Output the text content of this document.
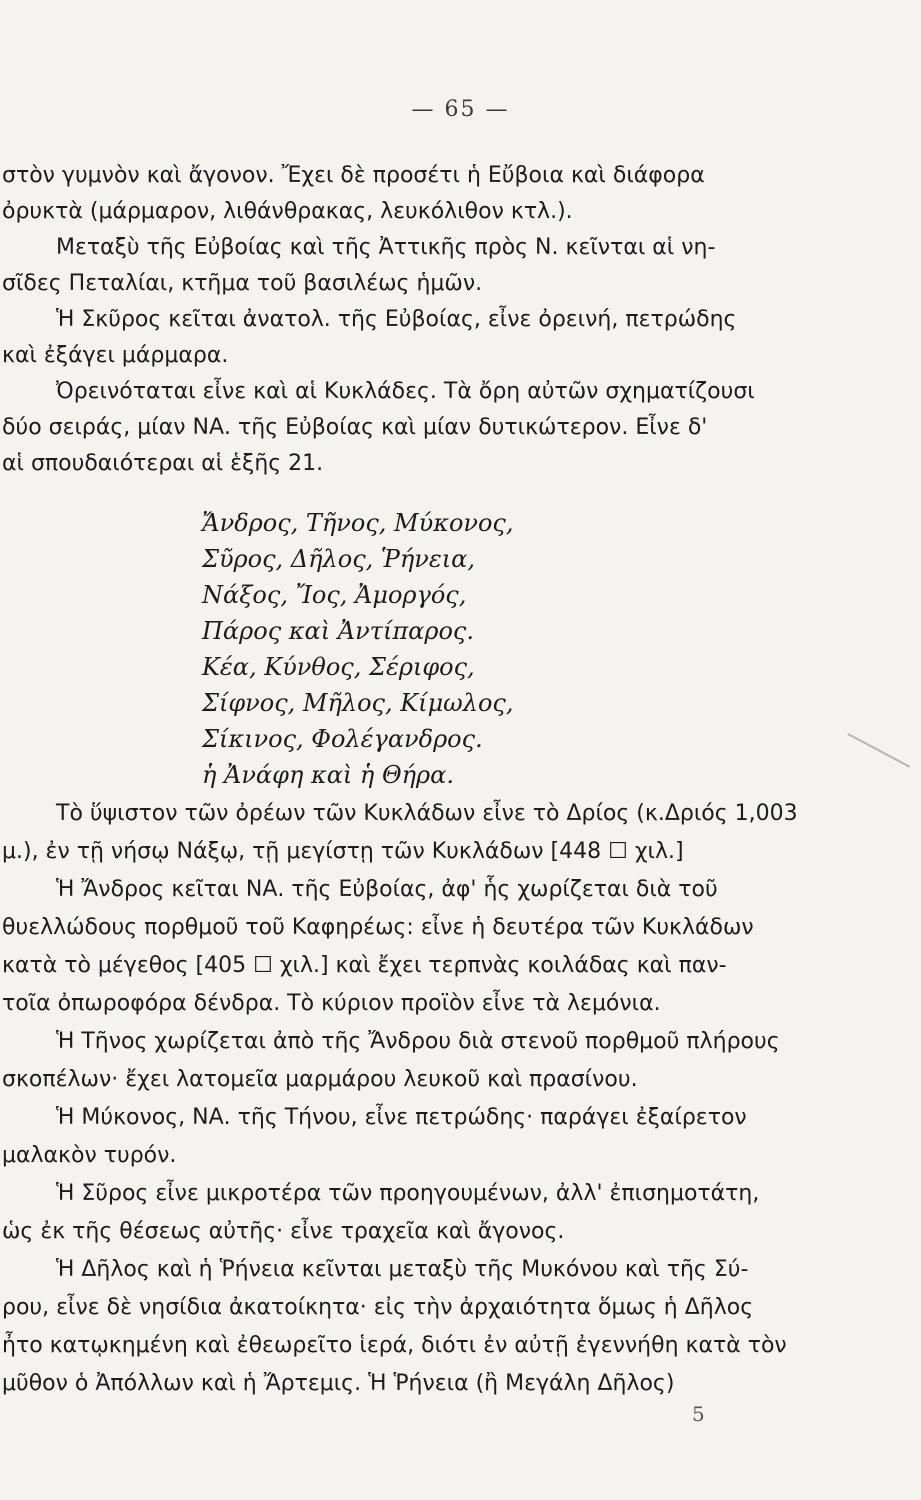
— 65 —
στὸν γυμνὸν καὶ ἄγονον. Ἔχει δὲ προσέτι ἡ Εὔβοια καὶ διάφορα
ὀρυκτὰ (μάρμαρον, λιθάνθρακας, λευκόλιθον κτλ.).
Μεταξὺ τῆς Εὐβοίας καὶ τῆς Ἀττικῆς πρὸς Ν. κεῖνται αἱ νη-
σῖδες Πεταλίαι, κτῆμα τοῦ βασιλέως ἡμῶν.
Ἡ Σκῦρος κεῖται ἀνατολ. τῆς Εὐβοίας, εἶνε ὀρεινή, πετρώδης
καὶ ἐξάγει μάρμαρα.
Ὀρεινόταται εἶνε καὶ αἱ Κυκλάδες. Τὰ ὄρη αὐτῶν σχηματίζουσι
δύο σειράς, μίαν ΝΑ. τῆς Εὐβοίας καὶ μίαν δυτικώτερον. Εἶνε δ'
αἱ σπουδαιότεραι αἱ ἑξῆς 21.
Ἄνδρος, Τῆνος, Μύκονος,
Σῦρος, Δῆλος, Ῥήνεια,
Νάξος, Ἴος, Ἀμοργός,
Πάρος καὶ Ἀντίπαρος.
Κέα, Κύνθος, Σέριφος,
Σίφνος, Μῆλος, Κίμωλος,
Σίκινος, Φολέγανδρος.
ἡ Ἀνάφη καὶ ἡ Θήρα.
Τὸ ὕψιστον τῶν ὀρέων τῶν Κυκλάδων εἶνε τὸ Δρίος (κ.Δριός 1,003
μ.), ἐν τῇ νήσῳ Νάξῳ, τῇ μεγίστῃ τῶν Κυκλάδων [448 ☐ χιλ.]
Ἡ Ἄνδρος κεῖται ΝΑ. τῆς Εὐβοίας, ἀφ' ἧς χωρίζεται διὰ τοῦ
θυελλώδους πορθμοῦ τοῦ Καφηρέως: εἶνε ἡ δευτέρα τῶν Κυκλάδων
κατὰ τὸ μέγεθος [405 ☐ χιλ.] καὶ ἔχει τερπνὰς κοιλάδας καὶ παν-
τοῖα ὀπωροφόρα δένδρα. Τὸ κύριον προϊὸν εἶνε τὰ λεμόνια.
Ἡ Τῆνος χωρίζεται ἀπὸ τῆς Ἄνδρου διὰ στενοῦ πορθμοῦ πλήρους
σκοπέλων· ἔχει λατομεῖα μαρμάρου λευκοῦ καὶ πρασίνου.
Ἡ Μύκονος, ΝΑ. τῆς Τήνου, εἶνε πετρώδης· παράγει ἐξαίρετον
μαλακὸν τυρόν.
Ἡ Σῦρος εἶνε μικροτέρα τῶν προηγουμένων, ἀλλ' ἐπισημοτάτη,
ὡς ἐκ τῆς θέσεως αὐτῆς· εἶνε τραχεῖα καὶ ἄγονος.
Ἡ Δῆλος καὶ ἡ Ῥήνεια κεῖνται μεταξὺ τῆς Μυκόνου καὶ τῆς Σύ-
ρου, εἶνε δὲ νησίδια ἀκατοίκητα· εἰς τὴν ἀρχαιότητα ὅμως ἡ Δῆλος
ἦτο κατῳκημένη καὶ ἐθεωρεῖτο ἱερά, διότι ἐν αὐτῇ ἐγεννήθη κατὰ τὸν
μῦθον ὁ Ἀπόλλων καὶ ἡ Ἄρτεμις. Ἡ Ῥήνεια (ἢ Μεγάλη Δῆλος)
5
